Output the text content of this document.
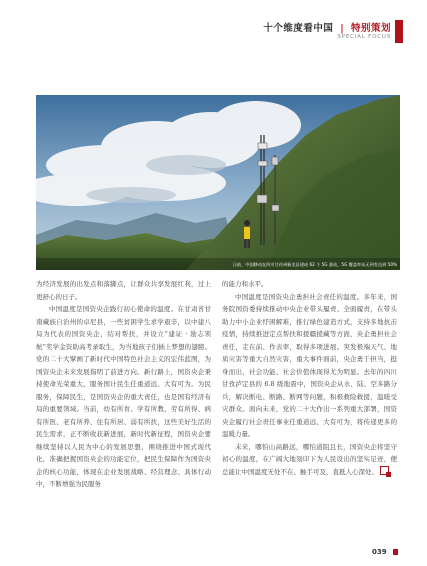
十个维度看中国 | 特别策划
SPECIAL FOCUS
日前，中国移动在四川甘孜州新龙县建成 62 个 5G 基站，5G 覆盖率从无到有达到 50%

为经济发展的出发点和落脚点，让群众共享发展红利，过上更舒心的日子。

中国温度是国资央企践行初心使命的温度。在甘肃省甘南藏族自治州的卓尼县，一些贫困学生求学艰辛，以中建八局为代表的国资央企，结对帮扶，并设立“建证 · 励志领航”奖学金资助高考录取生，为当地孩子们插上梦想的翅膀。党的二十大擘画了新时代中国特色社会主义的宏伟蓝图，为国资央企未来发展指明了前进方向。新行路上，国资央企秉持使命光荣重大，服务国计民生任重道远、大有可为。为民服务，保障民生，是国资央企的重大责任，也是国有经济布局的重要领域。当前，幼有所育、学有所教、劳有所得、病有所医、老有所养、住有所居、弱有所扶，这些美好生活的民生需求，正不断收获新进展，新时代新征程，国资央企要继续坚持以人民为中心的发展思想，围绕推进中国式现代化，准确把握国资央企的功能定位，把民生保障作为国资央企的核心功能，体现在企业发展战略、经营理念、具体行动中，不断增强为民服务

的能力和水平。

中国温度是国资央企勇担社会责任的温度。多年来，国务院国资委持续推动中央企业带头履责、全面履责，在带头助力中小企业纾困解难，推行绿色建造方式，支持多地抗击疫情，持续推进定点帮扶和援疆援藏等方面，央企勇担社会责任，走在前、作表率，取得多项进展。突发极端天气、地质灾害等重大自然灾害，重大事件面前，央企勇于担当，挺身而出，社会功能、社会价值体现得尤为明显。去年的四川甘孜泸定县的 6.8 级地震中，国资央企从水、陆、空多路分兵，解决断电、断路、断网等问题，积极救险救援，温暖受灾群众。面向未来，党的二十大作出一系列重大部署，国资央企履行社会责任事业任重道远、大有可为，将传递更多的温暖力量。

未来，哪怕山高路远，哪怕道阻且长，国资央企将坚守初心的温度，在广阔大地刻印下为人民设出的坚实足迹，便总能让中国温度无处不在、触手可及，直抵人心深处。

039
